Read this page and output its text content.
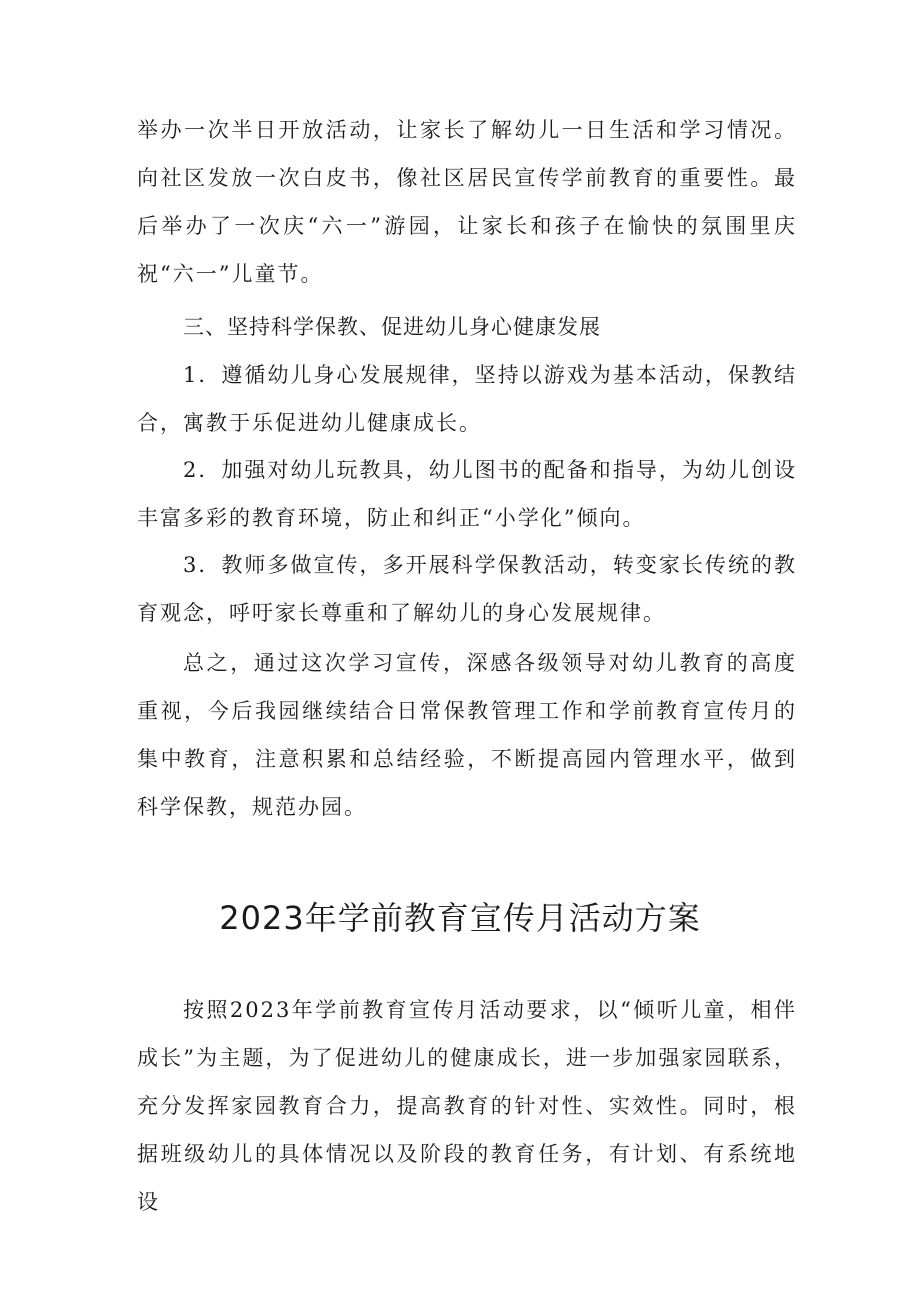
举办一次半日开放活动，让家长了解幼儿一日生活和学习情况。向社区发放一次白皮书，像社区居民宣传学前教育的重要性。最后举办了一次庆“六一”游园，让家长和孩子在愉快的氛围里庆祝“六一”儿童节。

三、坚持科学保教、促进幼儿身心健康发展

1．遵循幼儿身心发展规律，坚持以游戏为基本活动，保教结合，寓教于乐促进幼儿健康成长。

2．加强对幼儿玩教具，幼儿图书的配备和指导，为幼儿创设丰富多彩的教育环境，防止和纠正“小学化”倾向。

3．教师多做宣传，多开展科学保教活动，转变家长传统的教育观念，呼吁家长尊重和了解幼儿的身心发展规律。

总之，通过这次学习宣传，深感各级领导对幼儿教育的高度重视，今后我园继续结合日常保教管理工作和学前教育宣传月的集中教育，注意积累和总结经验，不断提高园内管理水平，做到科学保教，规范办园。

2023年学前教育宣传月活动方案

按照2023年学前教育宣传月活动要求，以“倾听儿童，相伴成长”为主题，为了促进幼儿的健康成长，进一步加强家园联系，充分发挥家园教育合力，提高教育的针对性、实效性。同时，根据班级幼儿的具体情况以及阶段的教育任务，有计划、有系统地设
